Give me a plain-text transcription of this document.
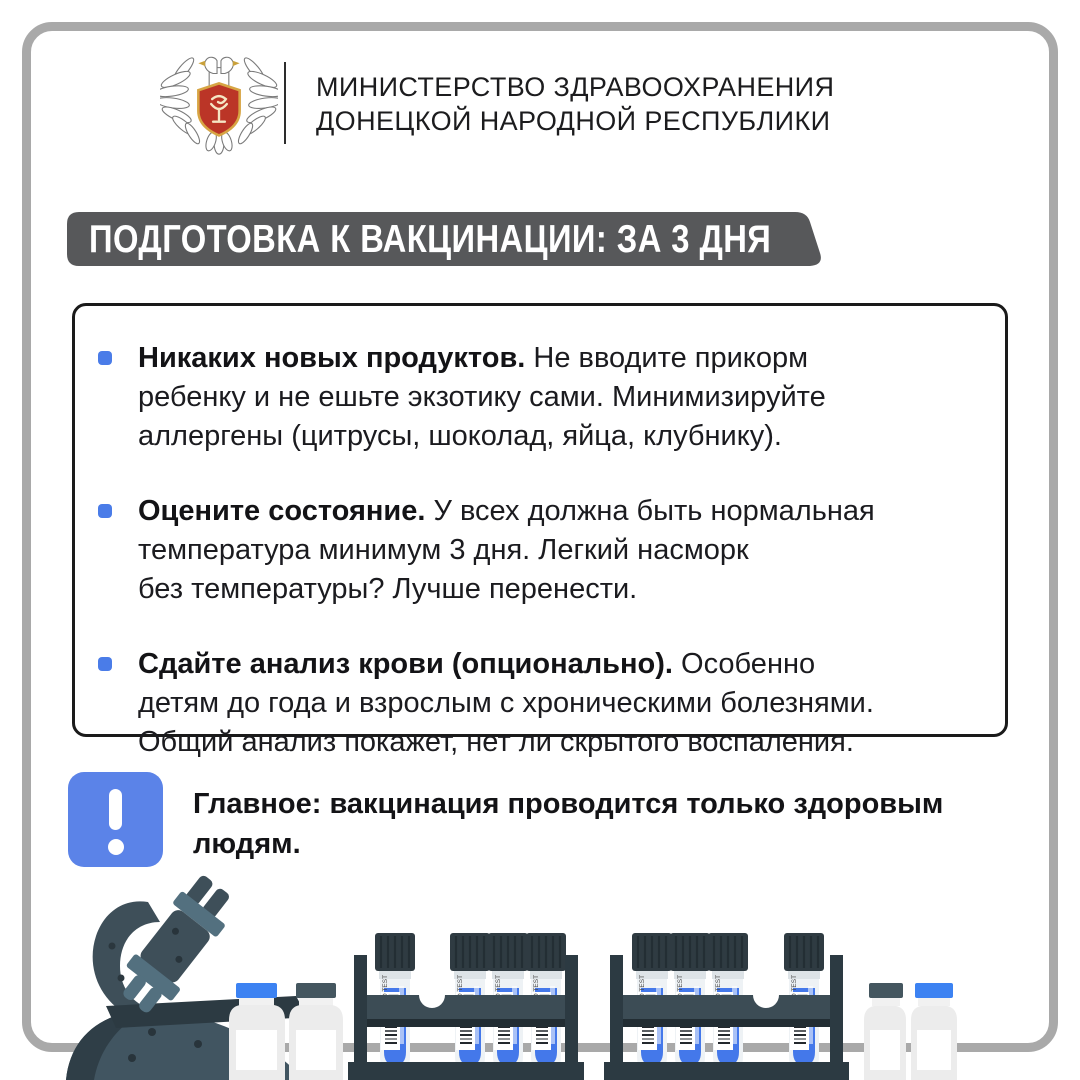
МИНИСТЕРСТВО ЗДРАВООХРАНЕНИЯ
ДОНЕЦКОЙ НАРОДНОЙ РЕСПУБЛИКИ
ПОДГОТОВКА К ВАКЦИНАЦИИ: ЗА 3 ДНЯ
Никаких новых продуктов. Не вводите прикорм
ребенку и не ешьте экзотику сами. Минимизируйте
аллергены (цитрусы, шоколад, яйца, клубнику).
Оцените состояние. У всех должна быть нормальная
температура минимум 3 дня. Легкий насморк
без температуры? Лучше перенести.
Сдайте анализ крови (опционально). Особенно
детям до года и взрослым с хроническими болезнями.
Общий анализ покажет, нет ли скрытого воспаления.
Главное: вакцинация проводится только здоровым
людям.
